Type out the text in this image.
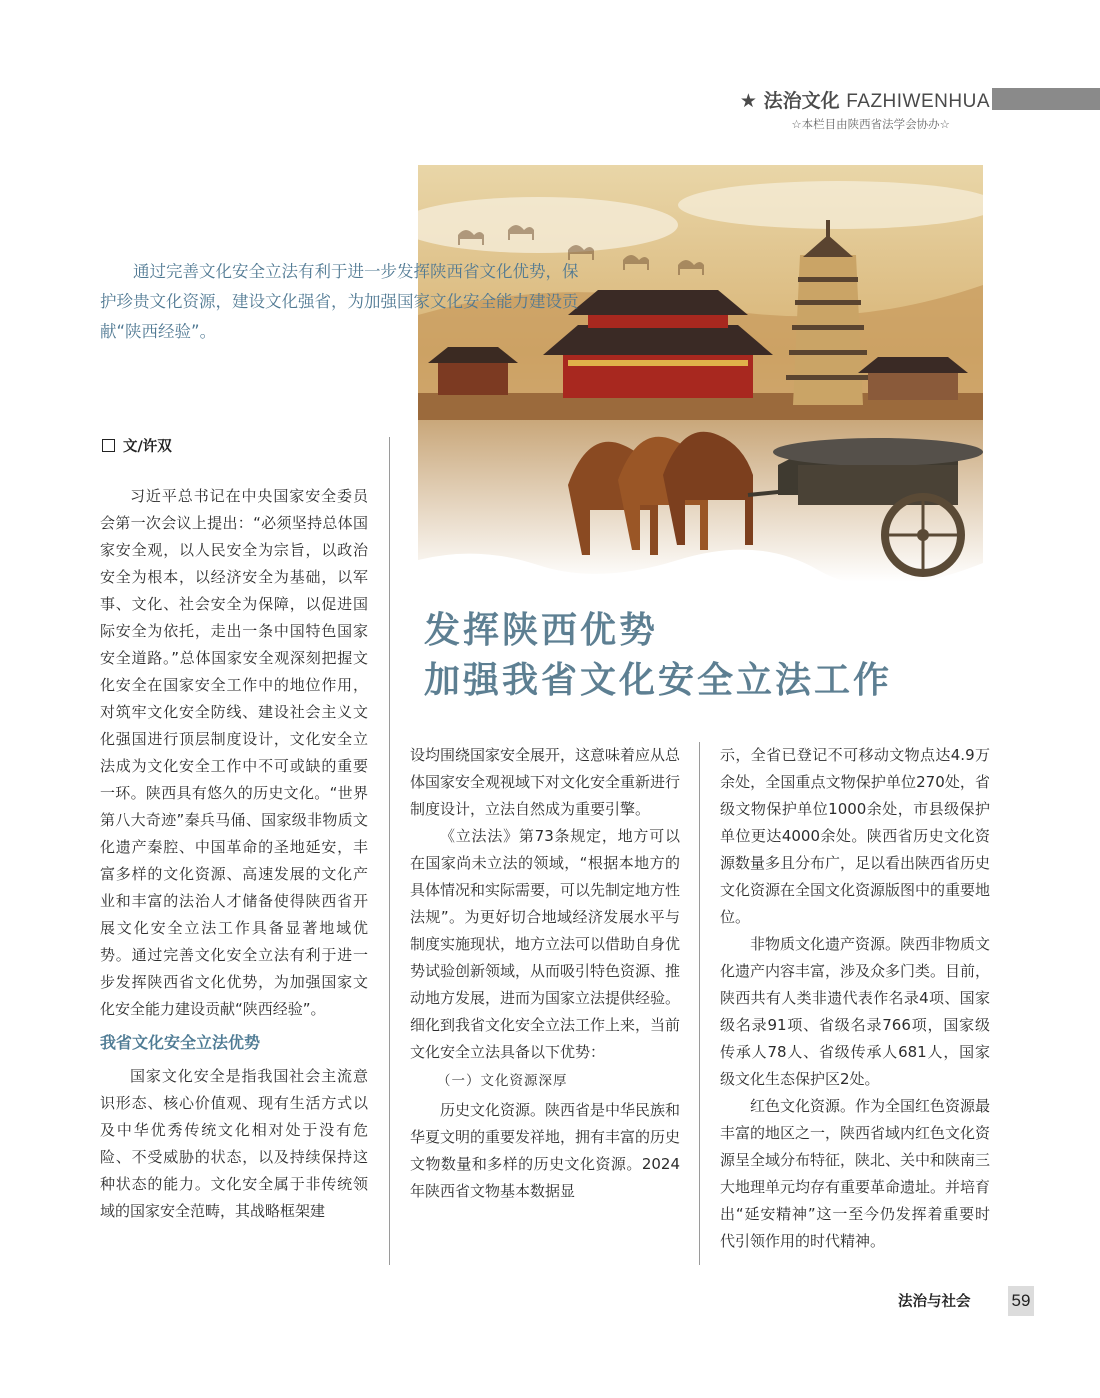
★ 法治文化 FAZHIWENHUA
☆本栏目由陕西省法学会协办☆

通过完善文化安全立法有利于进一步发挥陕西省文化优势，保护珍贵文化资源，建设文化强省，为加强国家文化安全能力建设贡献“陕西经验”。

发挥陕西优势
加强我省文化安全立法工作
文/许双

习近平总书记在中央国家安全委员会第一次会议上提出：“必须坚持总体国家安全观，以人民安全为宗旨，以政治安全为根本，以经济安全为基础，以军事、文化、社会安全为保障，以促进国际安全为依托，走出一条中国特色国家安全道路。”总体国家安全观深刻把握文化安全在国家安全工作中的地位作用，对筑牢文化安全防线、建设社会主义文化强国进行顶层制度设计，文化安全立法成为文化安全工作中不可或缺的重要一环。陕西具有悠久的历史文化。“世界第八大奇迹”秦兵马俑、国家级非物质文化遗产秦腔、中国革命的圣地延安，丰富多样的文化资源、高速发展的文化产业和丰富的法治人才储备使得陕西省开展文化安全立法工作具备显著地域优势。通过完善文化安全立法有利于进一步发挥陕西省文化优势，为加强国家文化安全能力建设贡献“陕西经验”。

我省文化安全立法优势

国家文化安全是指我国社会主流意识形态、核心价值观、现有生活方式以及中华优秀传统文化相对处于没有危险、不受威胁的状态，以及持续保持这种状态的能力。文化安全属于非传统领域的国家安全范畴，其战略框架建

设均围绕国家安全展开，这意味着应从总体国家安全观视域下对文化安全重新进行制度设计，立法自然成为重要引擎。

《立法法》第73条规定，地方可以在国家尚未立法的领域，“根据本地方的具体情况和实际需要，可以先制定地方性法规”。为更好切合地域经济发展水平与制度实施现状，地方立法可以借助自身优势试验创新领域，从而吸引特色资源、推动地方发展，进而为国家立法提供经验。细化到我省文化安全立法工作上来，当前文化安全立法具备以下优势：

（一）文化资源深厚

历史文化资源。陕西省是中华民族和华夏文明的重要发祥地，拥有丰富的历史文物数量和多样的历史文化资源。2024年陕西省文物基本数据显

示，全省已登记不可移动文物点达4.9万余处，全国重点文物保护单位270处，省级文物保护单位1000余处，市县级保护单位更达4000余处。陕西省历史文化资源数量多且分布广，足以看出陕西省历史文化资源在全国文化资源版图中的重要地位。

非物质文化遗产资源。陕西非物质文化遗产内容丰富，涉及众多门类。目前，陕西共有人类非遗代表作名录4项、国家级名录91项、省级名录766项，国家级传承人78人、省级传承人681人，国家级文化生态保护区2处。

红色文化资源。作为全国红色资源最丰富的地区之一，陕西省域内红色文化资源呈全域分布特征，陕北、关中和陕南三大地理单元均存有重要革命遗址。并培育出“延安精神”这一至今仍发挥着重要时代引领作用的时代精神。

法治与社会 59
